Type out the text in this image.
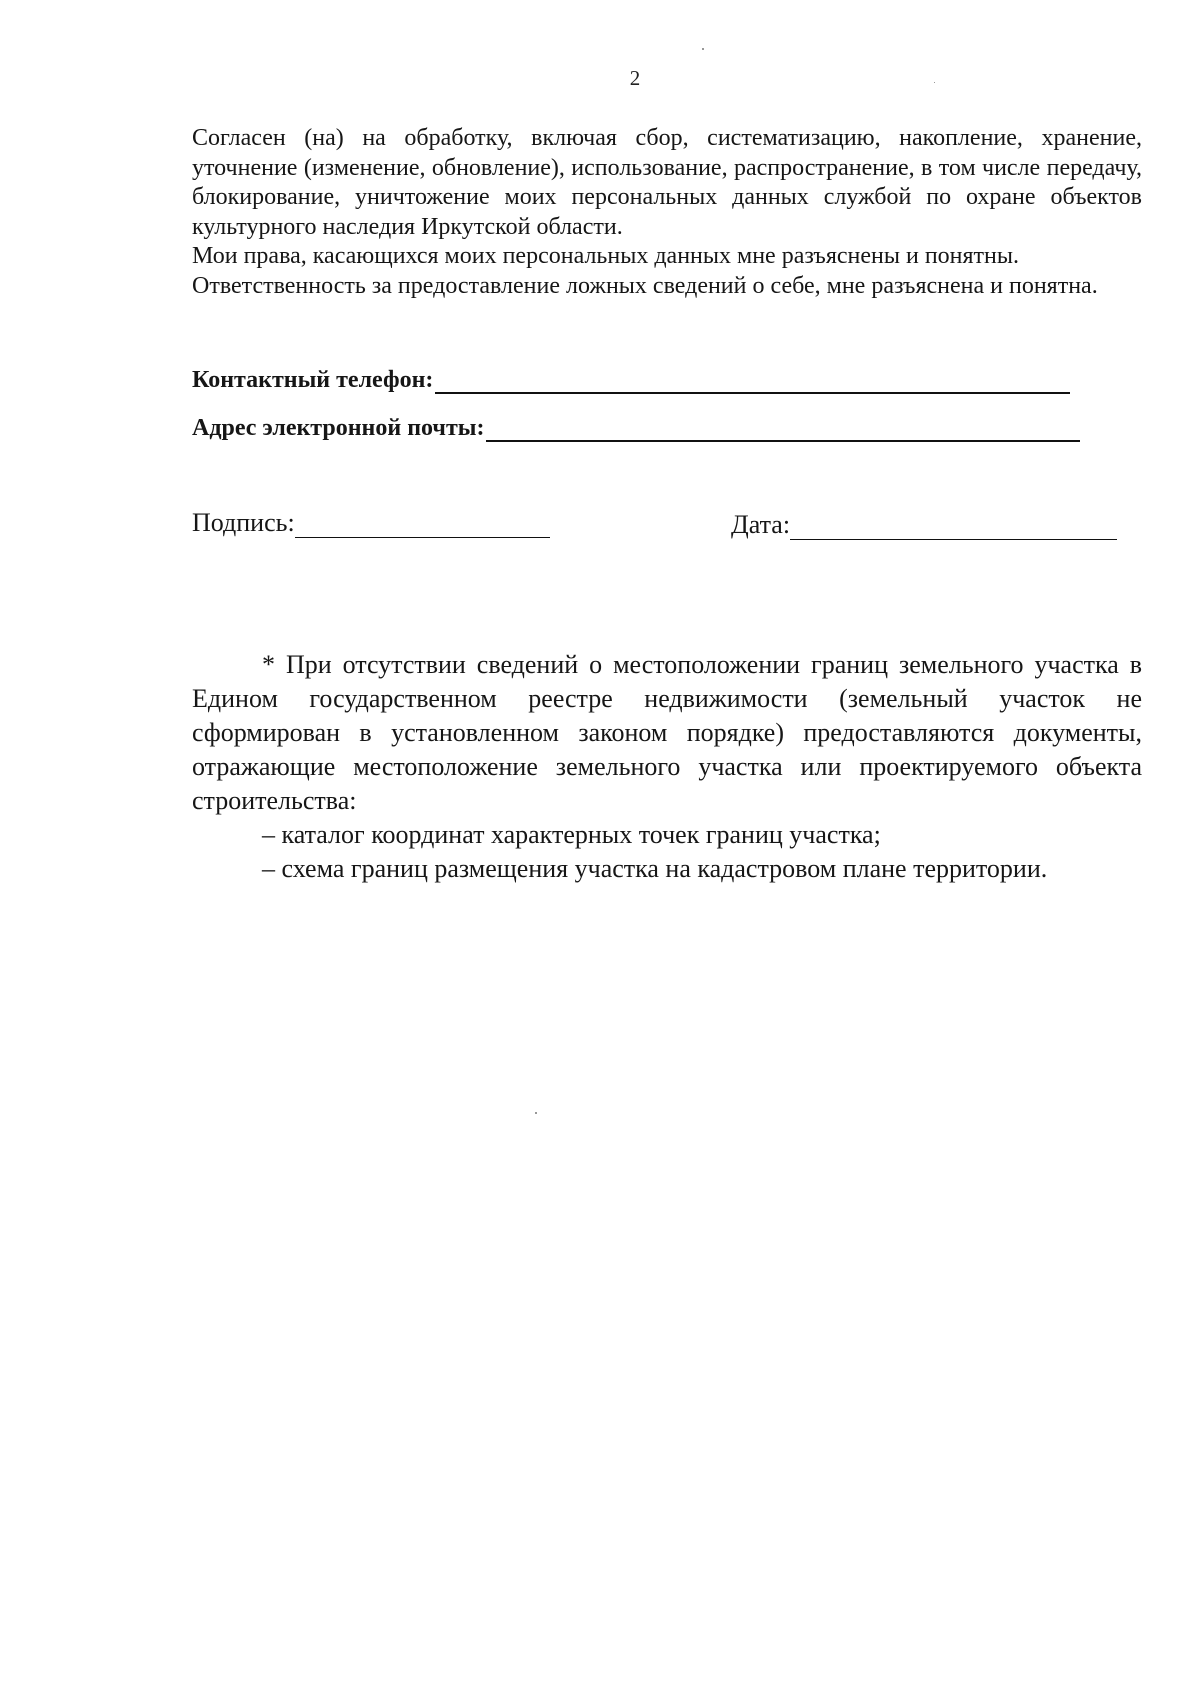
2

Согласен (на) на обработку, включая сбор, систематизацию, накопление, хранение, уточнение (изменение, обновление), использование, распространение, в том числе передачу, блокирование, уничтожение моих персональных данных службой по охране объектов культурного наследия Иркутской области.

Мои права, касающихся моих персональных данных мне разъяснены и понятны.

Ответственность за предоставление ложных сведений о себе, мне разъяснена и понятна.

Контактный телефон:
Адрес электронной почты:
Подпись:	Дата:

* При отсутствии сведений о местоположении границ земельного участка в Едином государственном реестре недвижимости (земельный участок не сформирован в установленном законом порядке) предоставляются документы, отражающие местоположение земельного участка или проектируемого объекта строительства:

– каталог координат характерных точек границ участка;

– схема границ размещения участка на кадастровом плане территории.
